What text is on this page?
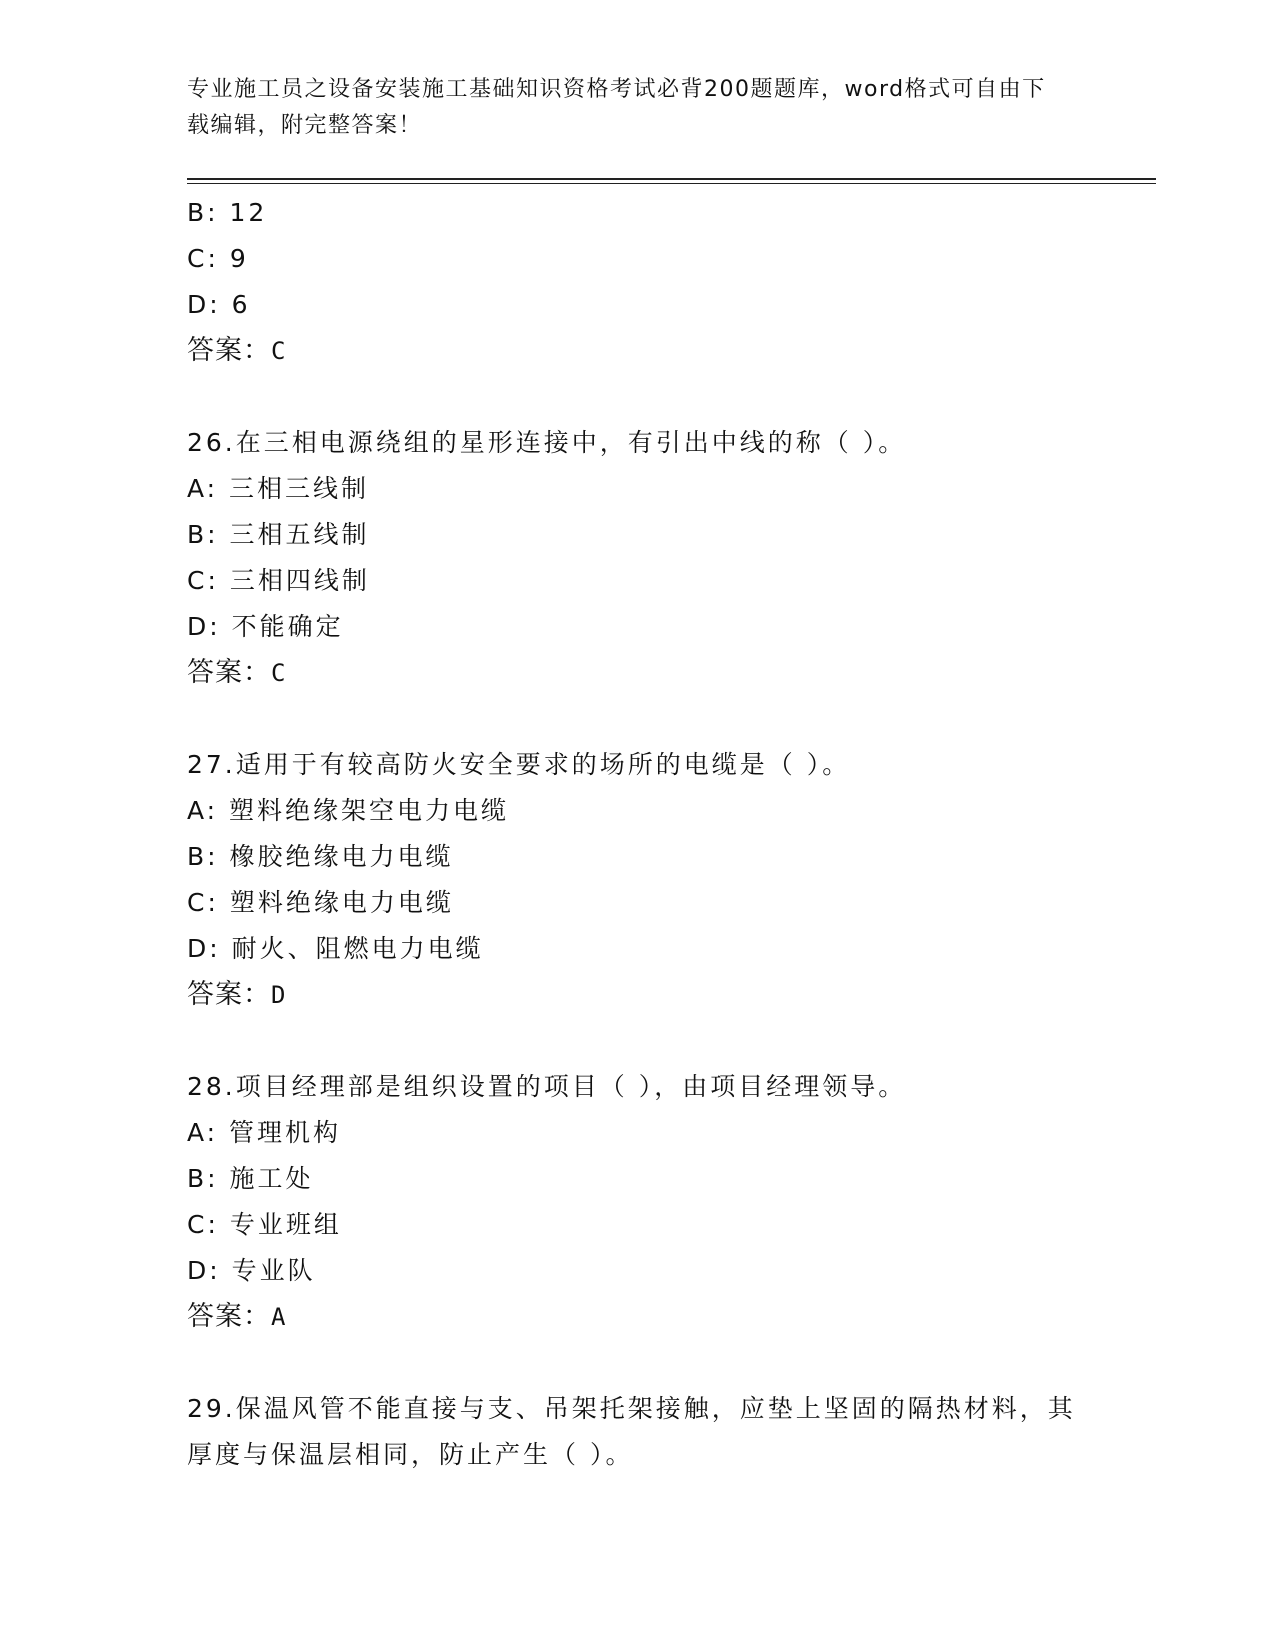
专业施工员之设备安装施工基础知识资格考试必背200题题库，word格式可自由下载编辑，附完整答案！
B: 12
C: 9
D: 6
答案：C
26.在三相电源绕组的星形连接中，有引出中线的称（ ）。
A: 三相三线制
B: 三相五线制
C: 三相四线制
D: 不能确定
答案：C
27.适用于有较高防火安全要求的场所的电缆是（ ）。
A: 塑料绝缘架空电力电缆
B: 橡胶绝缘电力电缆
C: 塑料绝缘电力电缆
D: 耐火、阻燃电力电缆
答案：D
28.项目经理部是组织设置的项目（ ），由项目经理领导。
A: 管理机构
B: 施工处
C: 专业班组
D: 专业队
答案：A
29.保温风管不能直接与支、吊架托架接触，应垫上坚固的隔热材料，其厚度与保温层相同，防止产生（ ）。
